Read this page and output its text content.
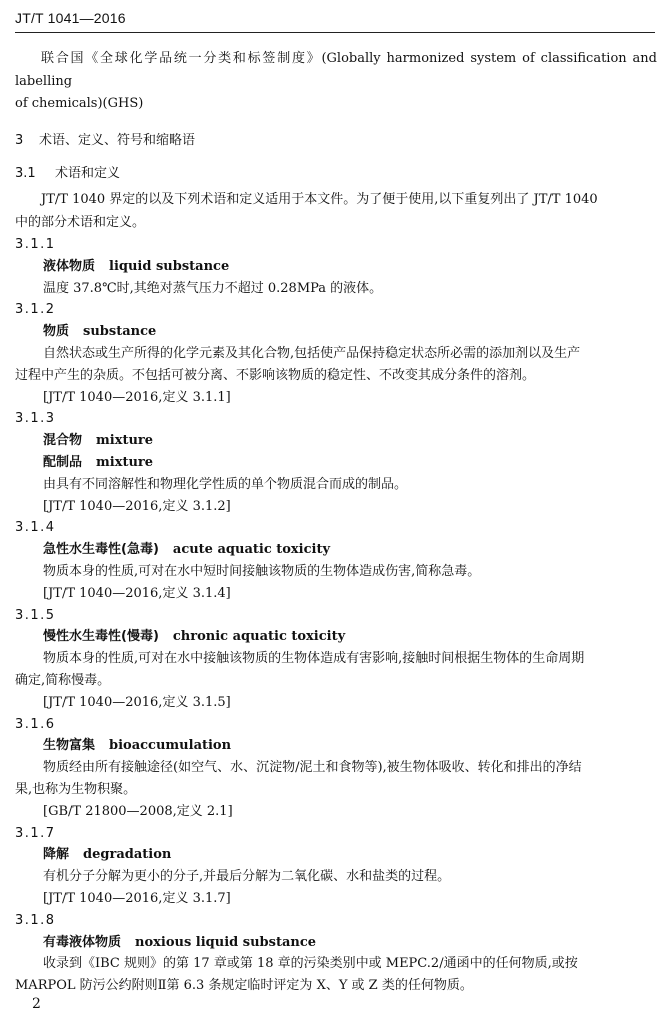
JT/T 1041—2016

联合国《全球化学品统一分类和标签制度》(Globally harmonized system of classification and labelling

of chemicals)(GHS)

3 术语、定义、符号和缩略语
3.1 术语和定义

JT/T 1040 界定的以及下列术语和定义适用于本文件。为了便于使用,以下重复列出了 JT/T 1040

中的部分术语和定义。

3.1.1
液体物质 liquid substance
温度 37.8℃时,其绝对蒸气压力不超过 0.28MPa 的液体。
3.1.2
物质 substance
自然状态或生产所得的化学元素及其化合物,包括使产品保持稳定状态所必需的添加剂以及生产
过程中产生的杂质。不包括可被分离、不影响该物质的稳定性、不改变其成分条件的溶剂。
[JT/T 1040—2016,定义 3.1.1]
3.1.3
混合物 mixture
配制品 mixture
由具有不同溶解性和物理化学性质的单个物质混合而成的制品。
[JT/T 1040—2016,定义 3.1.2]
3.1.4
急性水生毒性(急毒) acute aquatic toxicity
物质本身的性质,可对在水中短时间接触该物质的生物体造成伤害,简称急毒。
[JT/T 1040—2016,定义 3.1.4]
3.1.5
慢性水生毒性(慢毒) chronic aquatic toxicity
物质本身的性质,可对在水中接触该物质的生物体造成有害影响,接触时间根据生物体的生命周期
确定,简称慢毒。
[JT/T 1040—2016,定义 3.1.5]
3.1.6
生物富集 bioaccumulation
物质经由所有接触途径(如空气、水、沉淀物/泥土和食物等),被生物体吸收、转化和排出的净结
果,也称为生物积聚。
[GB/T 21800—2008,定义 2.1]
3.1.7
降解 degradation
有机分子分解为更小的分子,并最后分解为二氧化碳、水和盐类的过程。
[JT/T 1040—2016,定义 3.1.7]
3.1.8
有毒液体物质 noxious liquid substance
收录到《IBC 规则》的第 17 章或第 18 章的污染类别中或 MEPC.2/通函中的任何物质,或按
MARPOL 防污公约附则Ⅱ第 6.3 条规定临时评定为 X、Y 或 Z 类的任何物质。
2
